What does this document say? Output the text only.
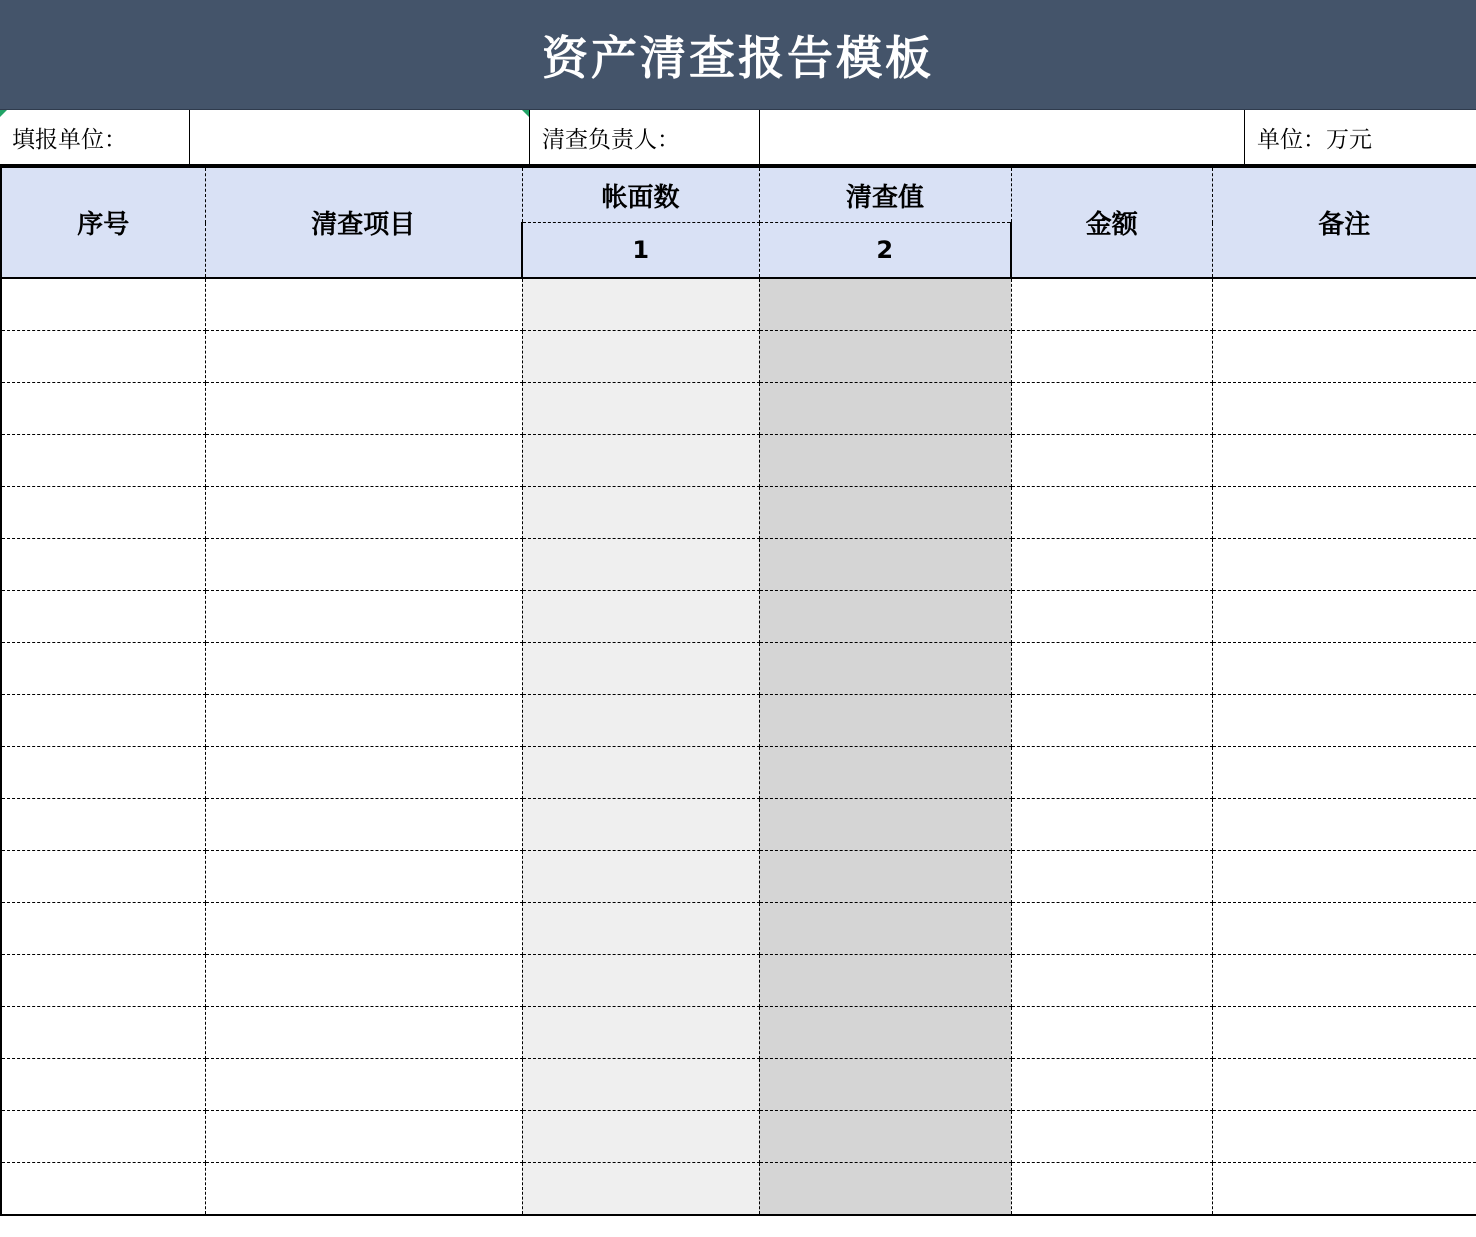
资产清查报告模板
填报单位：	清查负责人：	单位：万元
序号	清查项目	帐面数	清查值	金额	备注
		1	2		
